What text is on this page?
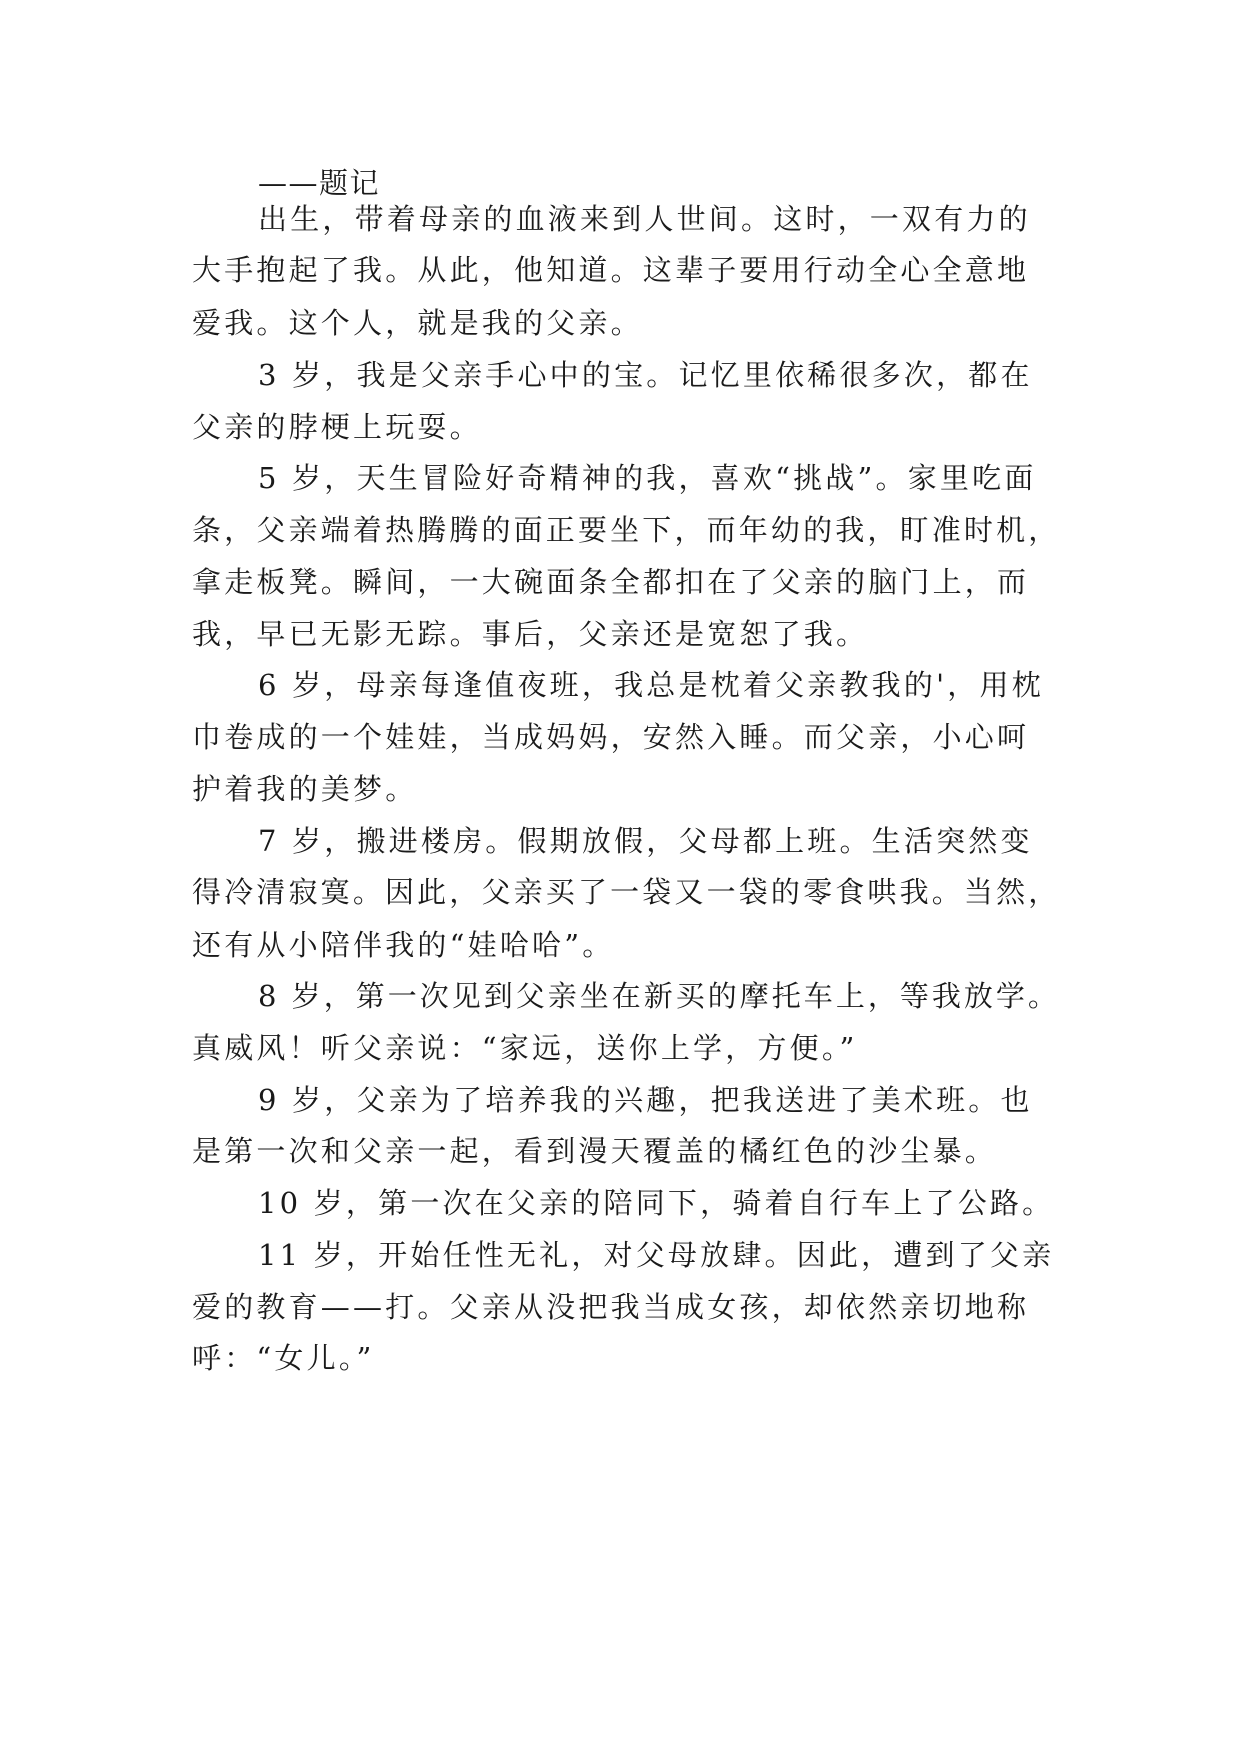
——题记

出生，带着母亲的血液来到人世间。这时，一双有力的

大手抱起了我。从此，他知道。这辈子要用行动全心全意地

爱我。这个人，就是我的父亲。

3 岁，我是父亲手心中的宝。记忆里依稀很多次，都在

父亲的脖梗上玩耍。

5 岁，天生冒险好奇精神的我，喜欢“挑战”。家里吃面

条，父亲端着热腾腾的面正要坐下，而年幼的我，盯准时机，

拿走板凳。瞬间，一大碗面条全都扣在了父亲的脑门上，而

我，早已无影无踪。事后，父亲还是宽恕了我。

6 岁，母亲每逢值夜班，我总是枕着父亲教我的'，用枕

巾卷成的一个娃娃，当成妈妈，安然入睡。而父亲，小心呵

护着我的美梦。

7 岁，搬进楼房。假期放假，父母都上班。生活突然变

得冷清寂寞。因此，父亲买了一袋又一袋的零食哄我。当然，

还有从小陪伴我的“娃哈哈”。

8 岁，第一次见到父亲坐在新买的摩托车上，等我放学。

真威风！听父亲说：“家远，送你上学，方便。”

9 岁，父亲为了培养我的兴趣，把我送进了美术班。也

是第一次和父亲一起，看到漫天覆盖的橘红色的沙尘暴。

10 岁，第一次在父亲的陪同下，骑着自行车上了公路。

11 岁，开始任性无礼，对父母放肆。因此，遭到了父亲

爱的教育——打。父亲从没把我当成女孩，却依然亲切地称

呼：“女儿。”
